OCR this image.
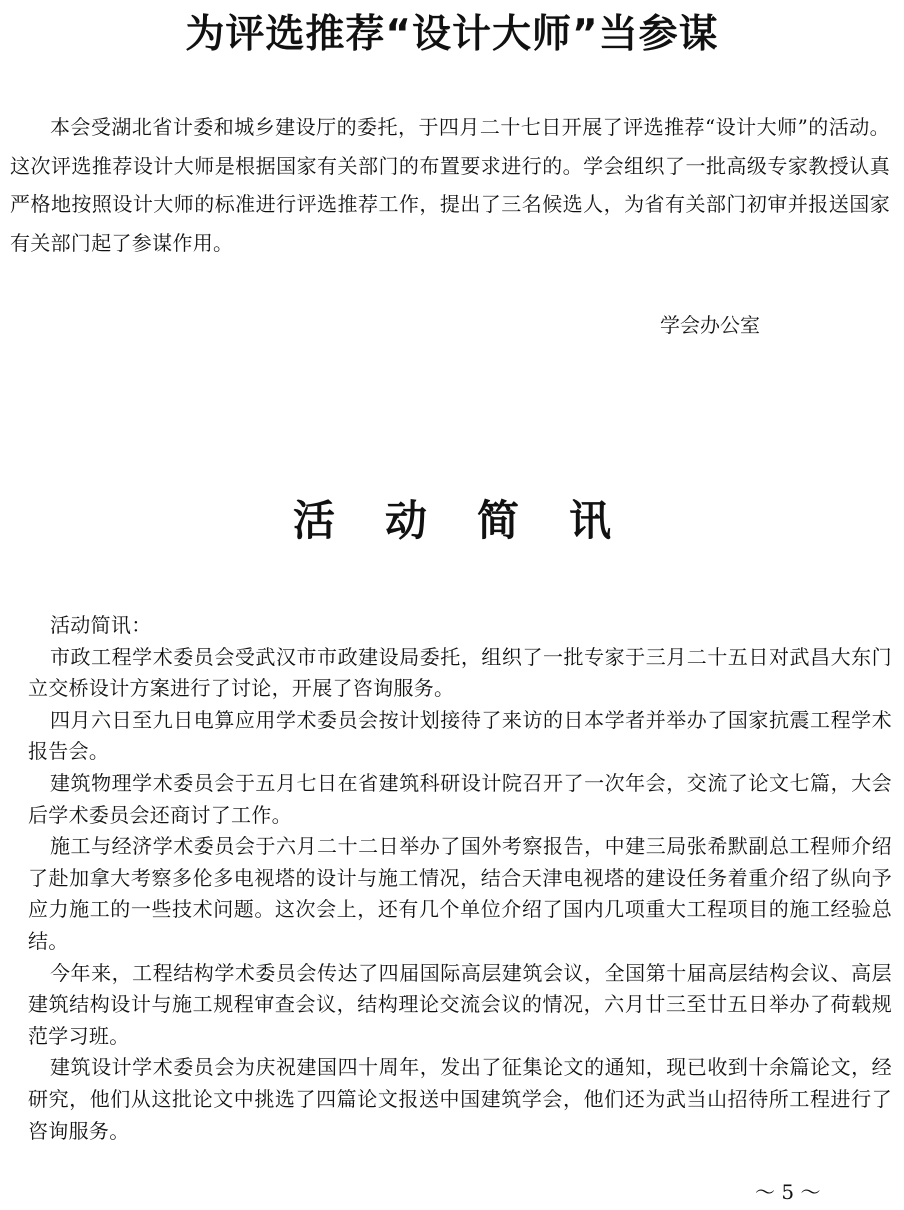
为评选推荐“设计大师”当参谋
本会受湖北省计委和城乡建设厅的委托，于四月二十七日开展了评选推荐“设计大师”的活动。这次评选推荐设计大师是根据国家有关部门的布置要求进行的。学会组织了一批高级专家教授认真严格地按照设计大师的标准进行评选推荐工作，提出了三名候选人，为省有关部门初审并报送国家有关部门起了参谋作用。
学会办公室
活动简讯

活动简讯：

市政工程学术委员会受武汉市市政建设局委托，组织了一批专家于三月二十五日对武昌大东门立交桥设计方案进行了讨论，开展了咨询服务。

四月六日至九日电算应用学术委员会按计划接待了来访的日本学者并举办了国家抗震工程学术报告会。

建筑物理学术委员会于五月七日在省建筑科研设计院召开了一次年会，交流了论文七篇，大会后学术委员会还商讨了工作。

施工与经济学术委员会于六月二十二日举办了国外考察报告，中建三局张希默副总工程师介绍了赴加拿大考察多伦多电视塔的设计与施工情况，结合天津电视塔的建设任务着重介绍了纵向予应力施工的一些技术问题。这次会上，还有几个单位介绍了国内几项重大工程项目的施工经验总结。

今年来，工程结构学术委员会传达了四届国际高层建筑会议，全国第十届高层结构会议、高层建筑结构设计与施工规程审查会议，结构理论交流会议的情况，六月廿三至廿五日举办了荷载规范学习班。

建筑设计学术委员会为庆祝建国四十周年，发出了征集论文的通知，现已收到十余篇论文，经研究，他们从这批论文中挑选了四篇论文报送中国建筑学会，他们还为武当山招待所工程进行了咨询服务。

～ 5 ～
